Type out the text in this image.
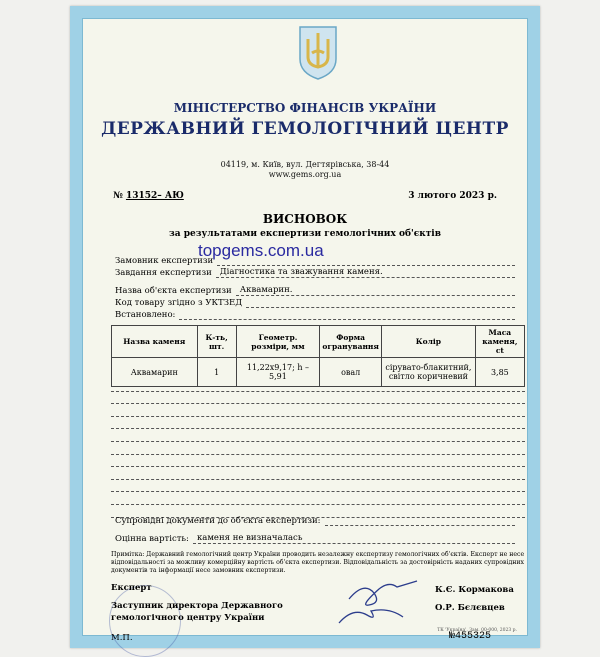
МІНІСТЕРСТВО ФІНАНСІВ УКРАЇНИ
ДЕРЖАВНИЙ ГЕМОЛОГІЧНИЙ ЦЕНТР
04119, м. Київ, вул. Дегтярівська, 38-44
www.gems.org.ua
№ 13152– АЮ	3 лютого 2023 р.
ВИСНОВОК
за результатами експертизи гемологічних об'єктів
topgems.com.ua
Замовник експертизи
Завдання експертизи Діагностика та зважування каменя.
Назва об'єкта експертизи Аквамарин.
Код товару згідно з УКТЗЕД
Встановлено:
Назва каменя	К-ть, шт.	Геометр. розміри, мм	Форма огранування	Колір	Маса каменя, ct
Аквамарин	1	11,22x9,17; h – 5,91	овал	сірувато-блакитний, світло коричневий	3,85
Супровідні документи до об'єкта експертизи:
Оцінна вартість: каменя не визначалась
Примітка: Державний гемологічний центр України проводить незалежну експертизу гемологічних об'єктів. Експерт не несе відповідальності за можливу комерційну вартість об'єкта експертизи. Відповідальність за достовірність наданих супровідних документів та інформації несе замовник експертизи.
Експерт
Заступник директора Державного
гемологічного центру України
М.П.
К.Є. Кормакова
О.Р. Бєлєвцев
№455325
ТК 'Україна', Зам. 00-000, 2023 р.
